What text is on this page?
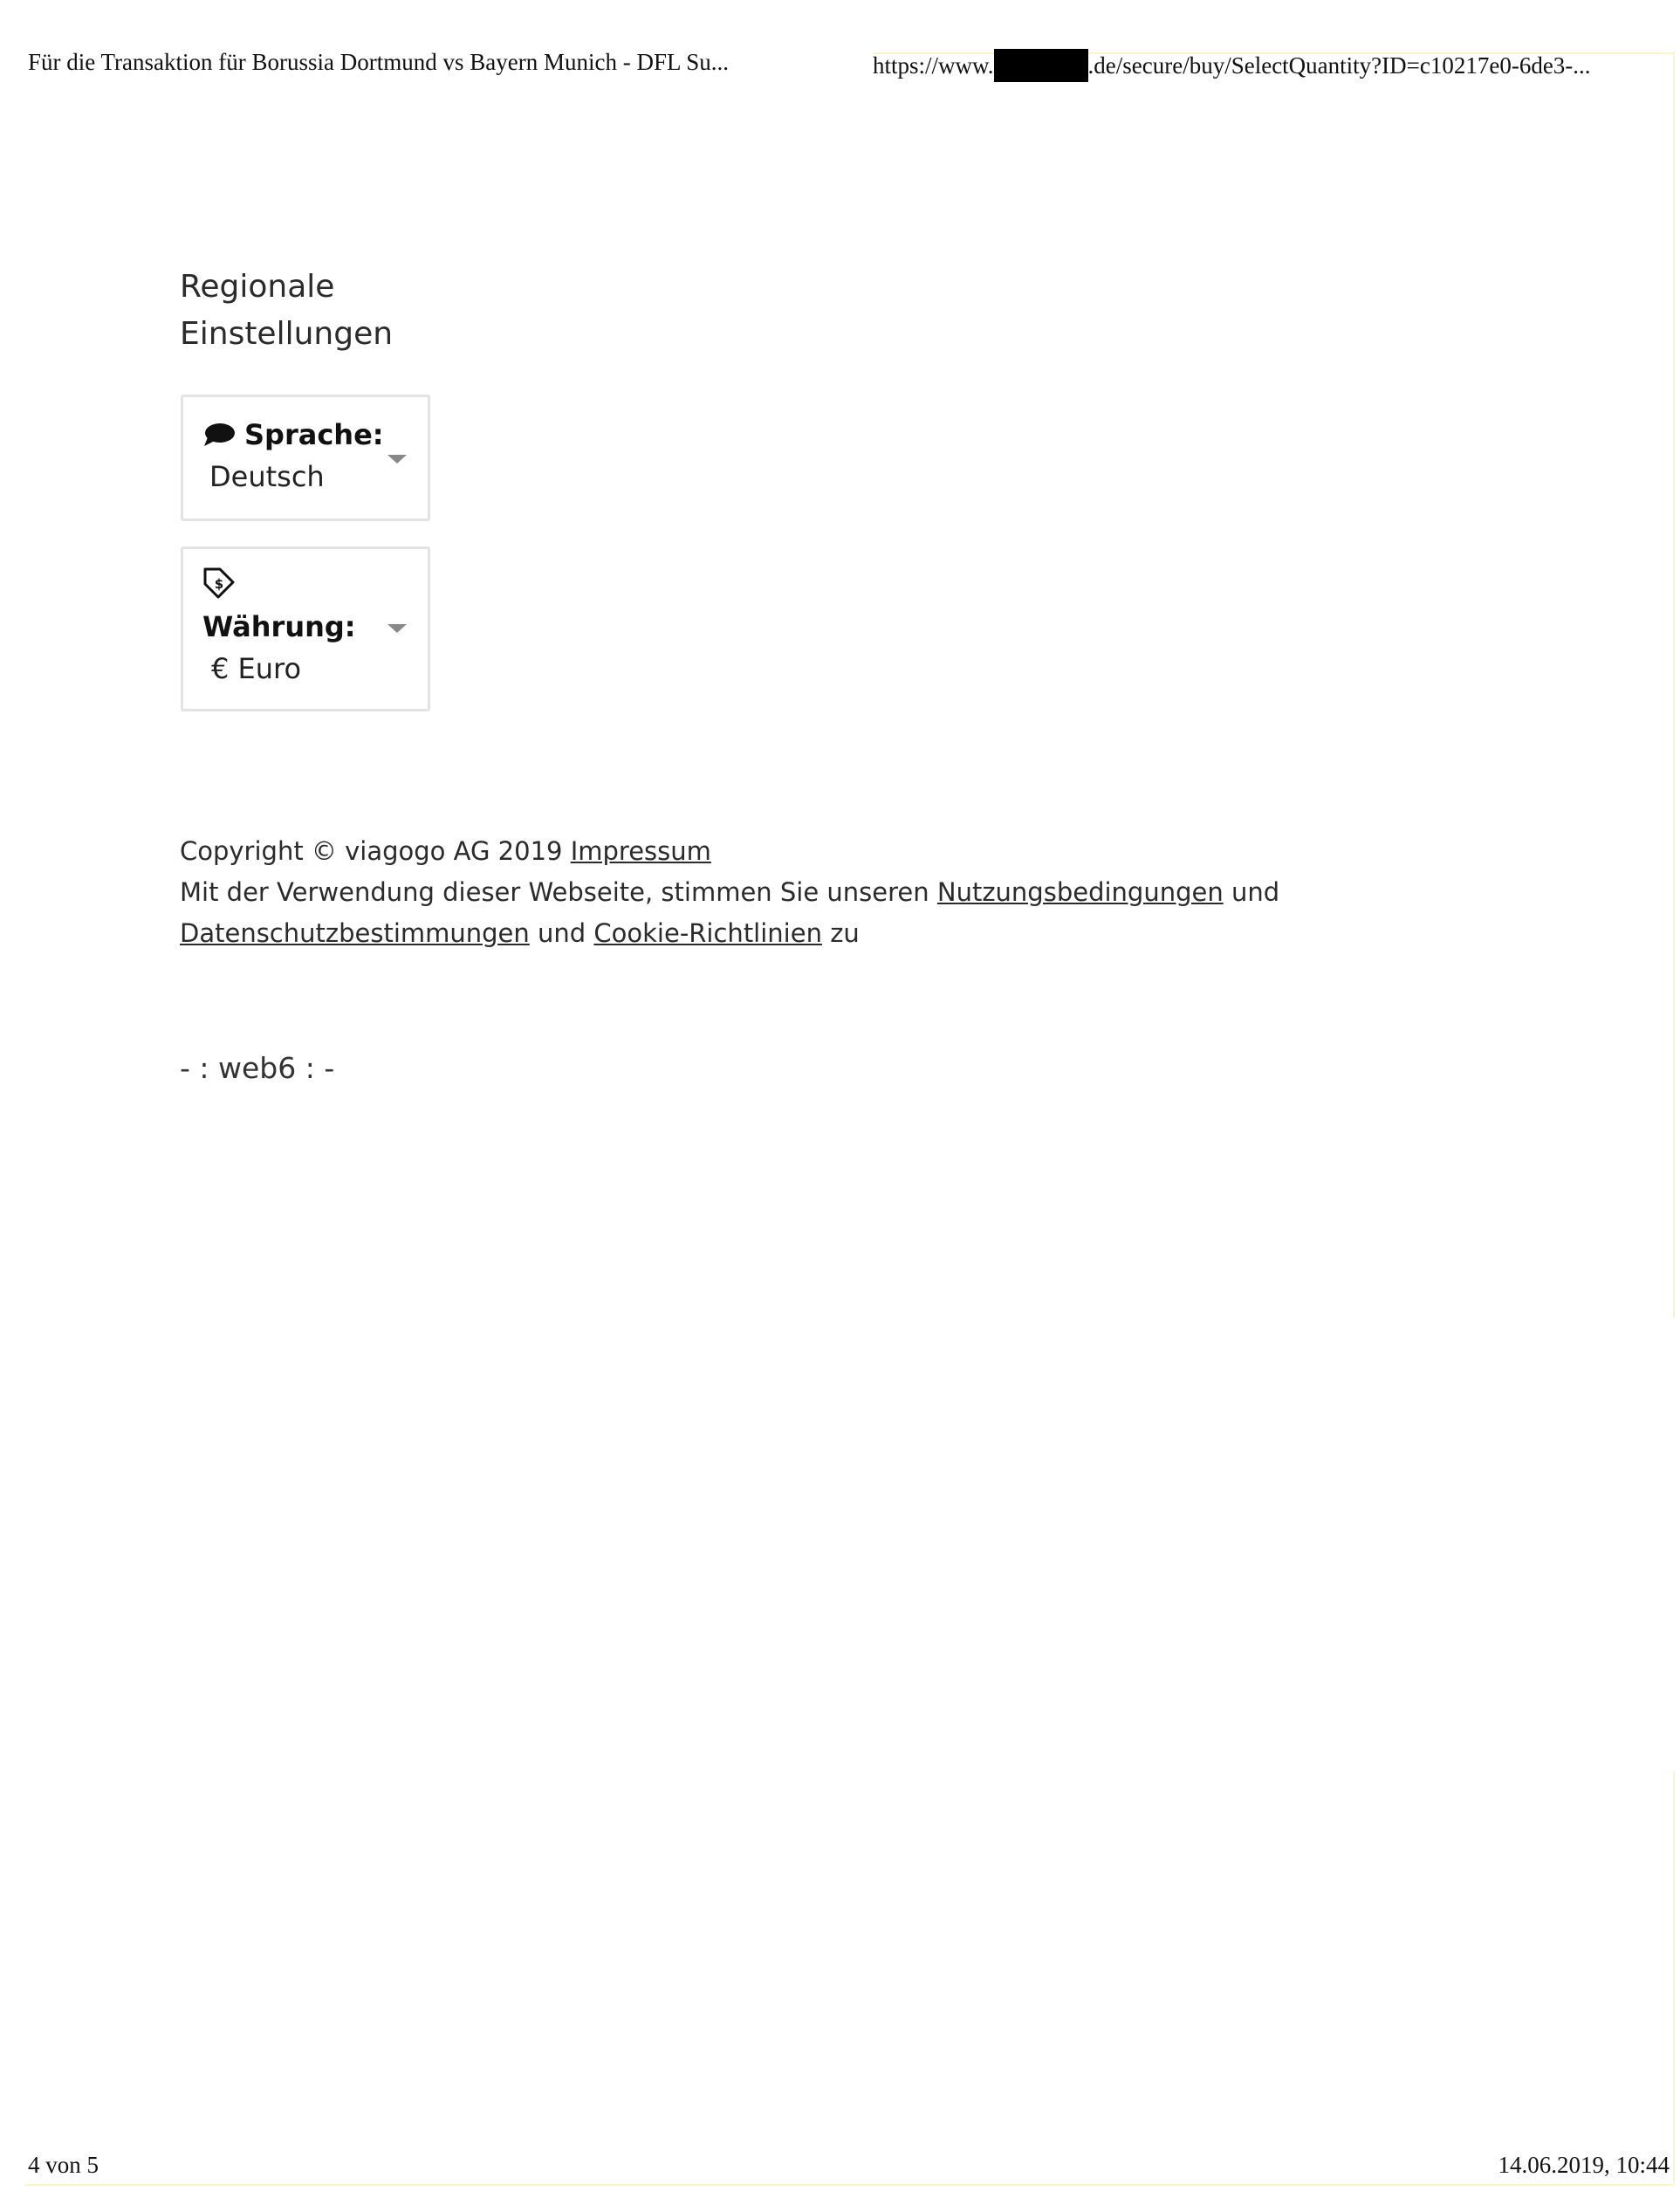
Für die Transaktion für Borussia Dortmund vs Bayern Munich - DFL Su...	https://www.	.de/secure/buy/SelectQuantity?ID=c10217e0-6de3-...
Regionale Einstellungen
Sprache:
Deutsch
$
Währung:
€ Euro
Copyright © viagogo AG 2019 Impressum
Mit der Verwendung dieser Webseite, stimmen Sie unseren Nutzungsbedingungen und
Datenschutzbestimmungen und Cookie-Richtlinien zu
- : web6 : -
4 von 5	14.06.2019, 10:44
